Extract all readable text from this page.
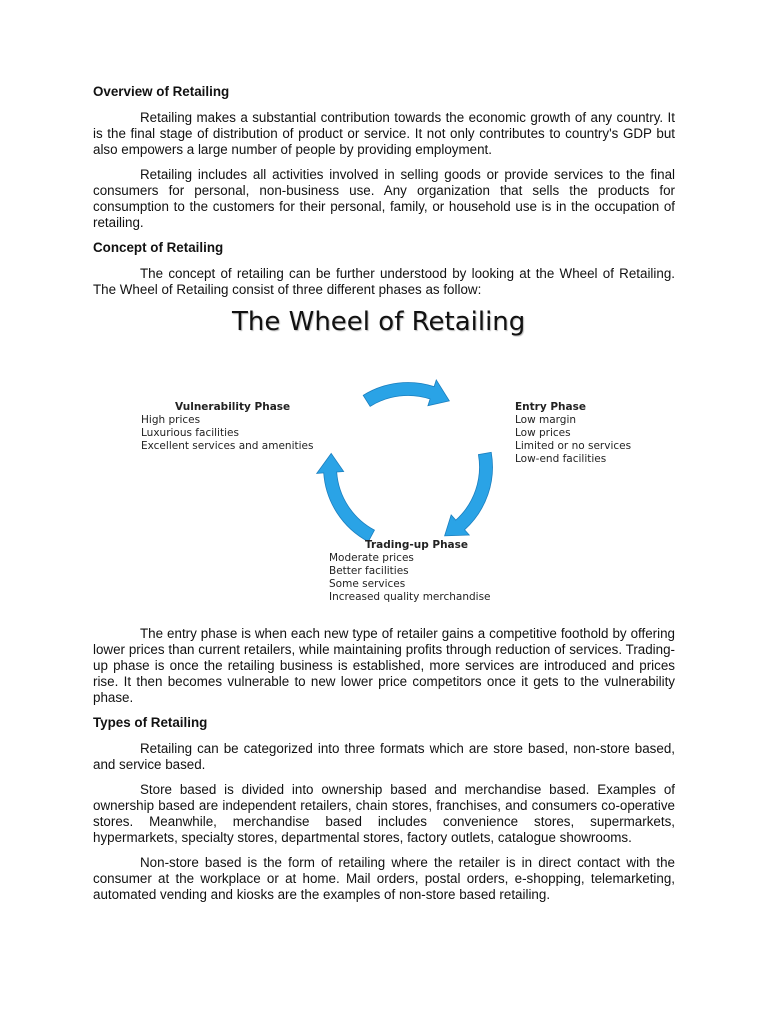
Overview of Retailing

Retailing makes a substantial contribution towards the economic growth of any country. It is the final stage of distribution of product or service. It not only contributes to country's GDP but also empowers a large number of people by providing employment.

Retailing includes all activities involved in selling goods or provide services to the final consumers for personal, non-business use. Any organization that sells the products for consumption to the customers for their personal, family, or household use is in the occupation of retailing.

Concept of Retailing

The concept of retailing can be further understood by looking at the Wheel of Retailing. The Wheel of Retailing consist of three different phases as follow:

The Wheel of Retailing
Vulnerability Phase
High prices
Luxurious facilities
Excellent services and amenities
Entry Phase
Low margin
Low prices
Limited or no services
Low-end facilities
Trading-up Phase
Moderate prices
Better facilities
Some services
Increased quality merchandise

The entry phase is when each new type of retailer gains a competitive foothold by offering lower prices than current retailers, while maintaining profits through reduction of services. Trading-up phase is once the retailing business is established, more services are introduced and prices rise. It then becomes vulnerable to new lower price competitors once it gets to the vulnerability phase.

Types of Retailing

Retailing can be categorized into three formats which are store based, non-store based, and service based.

Store based is divided into ownership based and merchandise based. Examples of ownership based are independent retailers, chain stores, franchises, and consumers co-operative stores. Meanwhile, merchandise based includes convenience stores, supermarkets, hypermarkets, specialty stores, departmental stores, factory outlets, catalogue showrooms.

Non-store based is the form of retailing where the retailer is in direct contact with the consumer at the workplace or at home. Mail orders, postal orders, e-shopping, telemarketing, automated vending and kiosks are the examples of non-store based retailing.
